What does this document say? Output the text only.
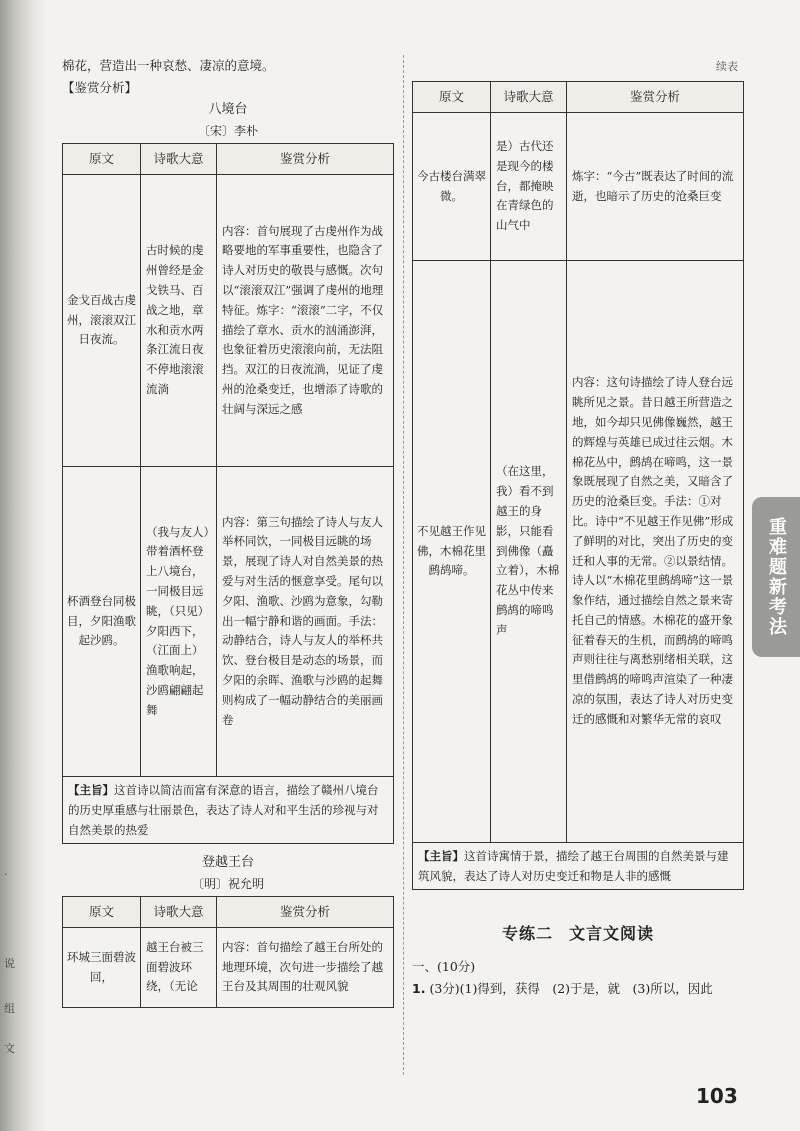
·
说
组
文
棉花，营造出一种哀愁、凄凉的意境。
【鉴赏分析】
八境台
〔宋〕李朴
原文	诗歌大意	鉴赏分析
金戈百战古虔州，滚滚双江日夜流。	古时候的虔州曾经是金戈铁马、百战之地，章水和贡水两条江流日夜不停地滚滚流淌	内容：首句展现了古虔州作为战略要地的军事重要性，也隐含了诗人对历史的敬畏与感慨。次句以“滚滚双江”强调了虔州的地理特征。炼字：“滚滚”二字，不仅描绘了章水、贡水的汹涌澎湃，也象征着历史滚滚向前，无法阻挡。双江的日夜流淌，见证了虔州的沧桑变迁，也增添了诗歌的壮阔与深远之感
杯酒登台同极目，夕阳渔歌起沙鸥。	（我与友人）带着酒杯登上八境台，一同极目远眺，（只见）夕阳西下，（江面上）渔歌响起，沙鸥翩翩起舞	内容：第三句描绘了诗人与友人举杯同饮，一同极目远眺的场景，展现了诗人对自然美景的热爱与对生活的惬意享受。尾句以夕阳、渔歌、沙鸥为意象，勾勒出一幅宁静和谐的画面。手法：动静结合，诗人与友人的举杯共饮、登台极目是动态的场景，而夕阳的余晖、渔歌与沙鸥的起舞则构成了一幅动静结合的美丽画卷
【主旨】这首诗以简洁而富有深意的语言，描绘了赣州八境台的历史厚重感与壮丽景色，表达了诗人对和平生活的珍视与对自然美景的热爱		
登越王台
〔明〕祝允明
原文	诗歌大意	鉴赏分析
环城三面碧波回，	越王台被三面碧波环绕，（无论	内容：首句描绘了越王台所处的地理环境，次句进一步描绘了越王台及其周围的壮观风貌
续表
原文	诗歌大意	鉴赏分析
今古楼台满翠微。	是）古代还是现今的楼台，都掩映在青绿色的山气中	炼字：“今古”既表达了时间的流逝，也暗示了历史的沧桑巨变
不见越王作见佛，木棉花里鹧鸪啼。	（在这里，我）看不到越王的身影，只能看到佛像（矗立着），木棉花丛中传来鹧鸪的啼鸣声	内容：这句诗描绘了诗人登台远眺所见之景。昔日越王所营造之地，如今却只见佛像巍然，越王的辉煌与英雄已成过往云烟。木棉花丛中，鹧鸪在啼鸣，这一景象既展现了自然之美，又暗含了历史的沧桑巨变。手法：①对比。诗中“不见越王作见佛”形成了鲜明的对比，突出了历史的变迁和人事的无常。②以景结情。诗人以“木棉花里鹧鸪啼”这一景象作结，通过描绘自然之景来寄托自己的情感。木棉花的盛开象征着春天的生机，而鹧鸪的啼鸣声则往往与离愁别绪相关联，这里借鹧鸪的啼鸣声渲染了一种凄凉的氛围，表达了诗人对历史变迁的感慨和对繁华无常的哀叹
【主旨】这首诗寓情于景，描绘了越王台周围的自然美景与建筑风貌，表达了诗人对历史变迁和物是人非的感慨		
专练二 文言文阅读
一、(10分)
1. (3分)(1)得到，获得　(2)于是，就　(3)所以，因此
重难题新考法
103
